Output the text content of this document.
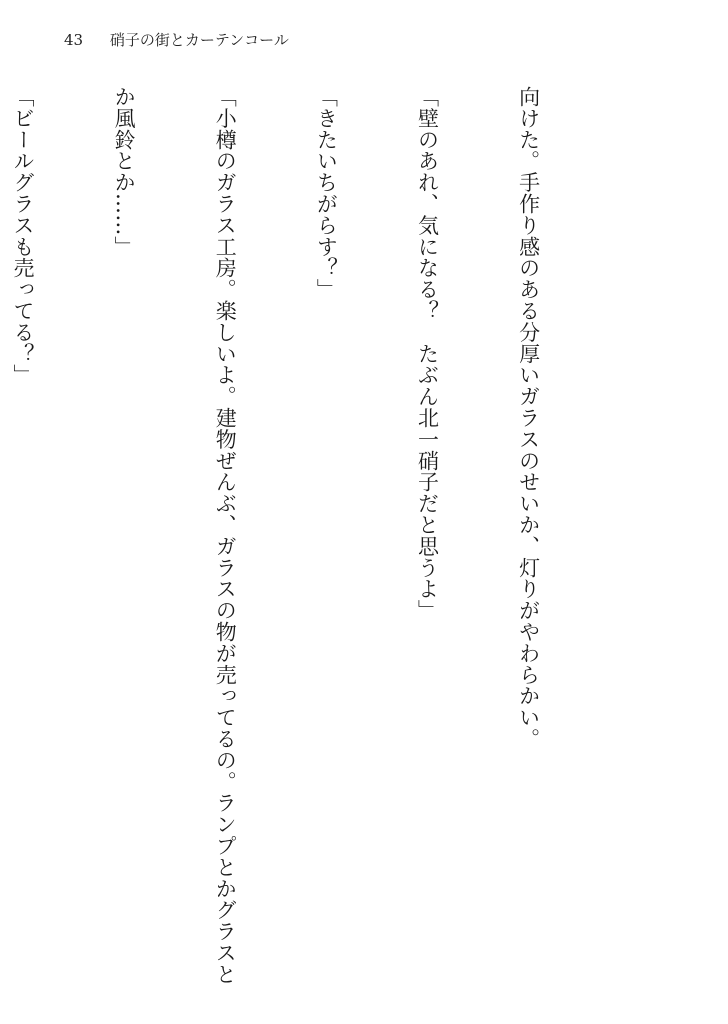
43 硝子の街とカーテンコール

向けた。手作り感のある分厚いガラスのせいか、灯りがやわらかい。

「壁のあれ、気になる？　たぶん北一硝子だと思うよ」

「きたいちがらす？」

「小樽のガラス工房。楽しいよ。建物ぜんぶ、ガラスの物が売ってるの。ランプとかグラスと

か風鈴とか……」

「ビールグラスも売ってる？」
